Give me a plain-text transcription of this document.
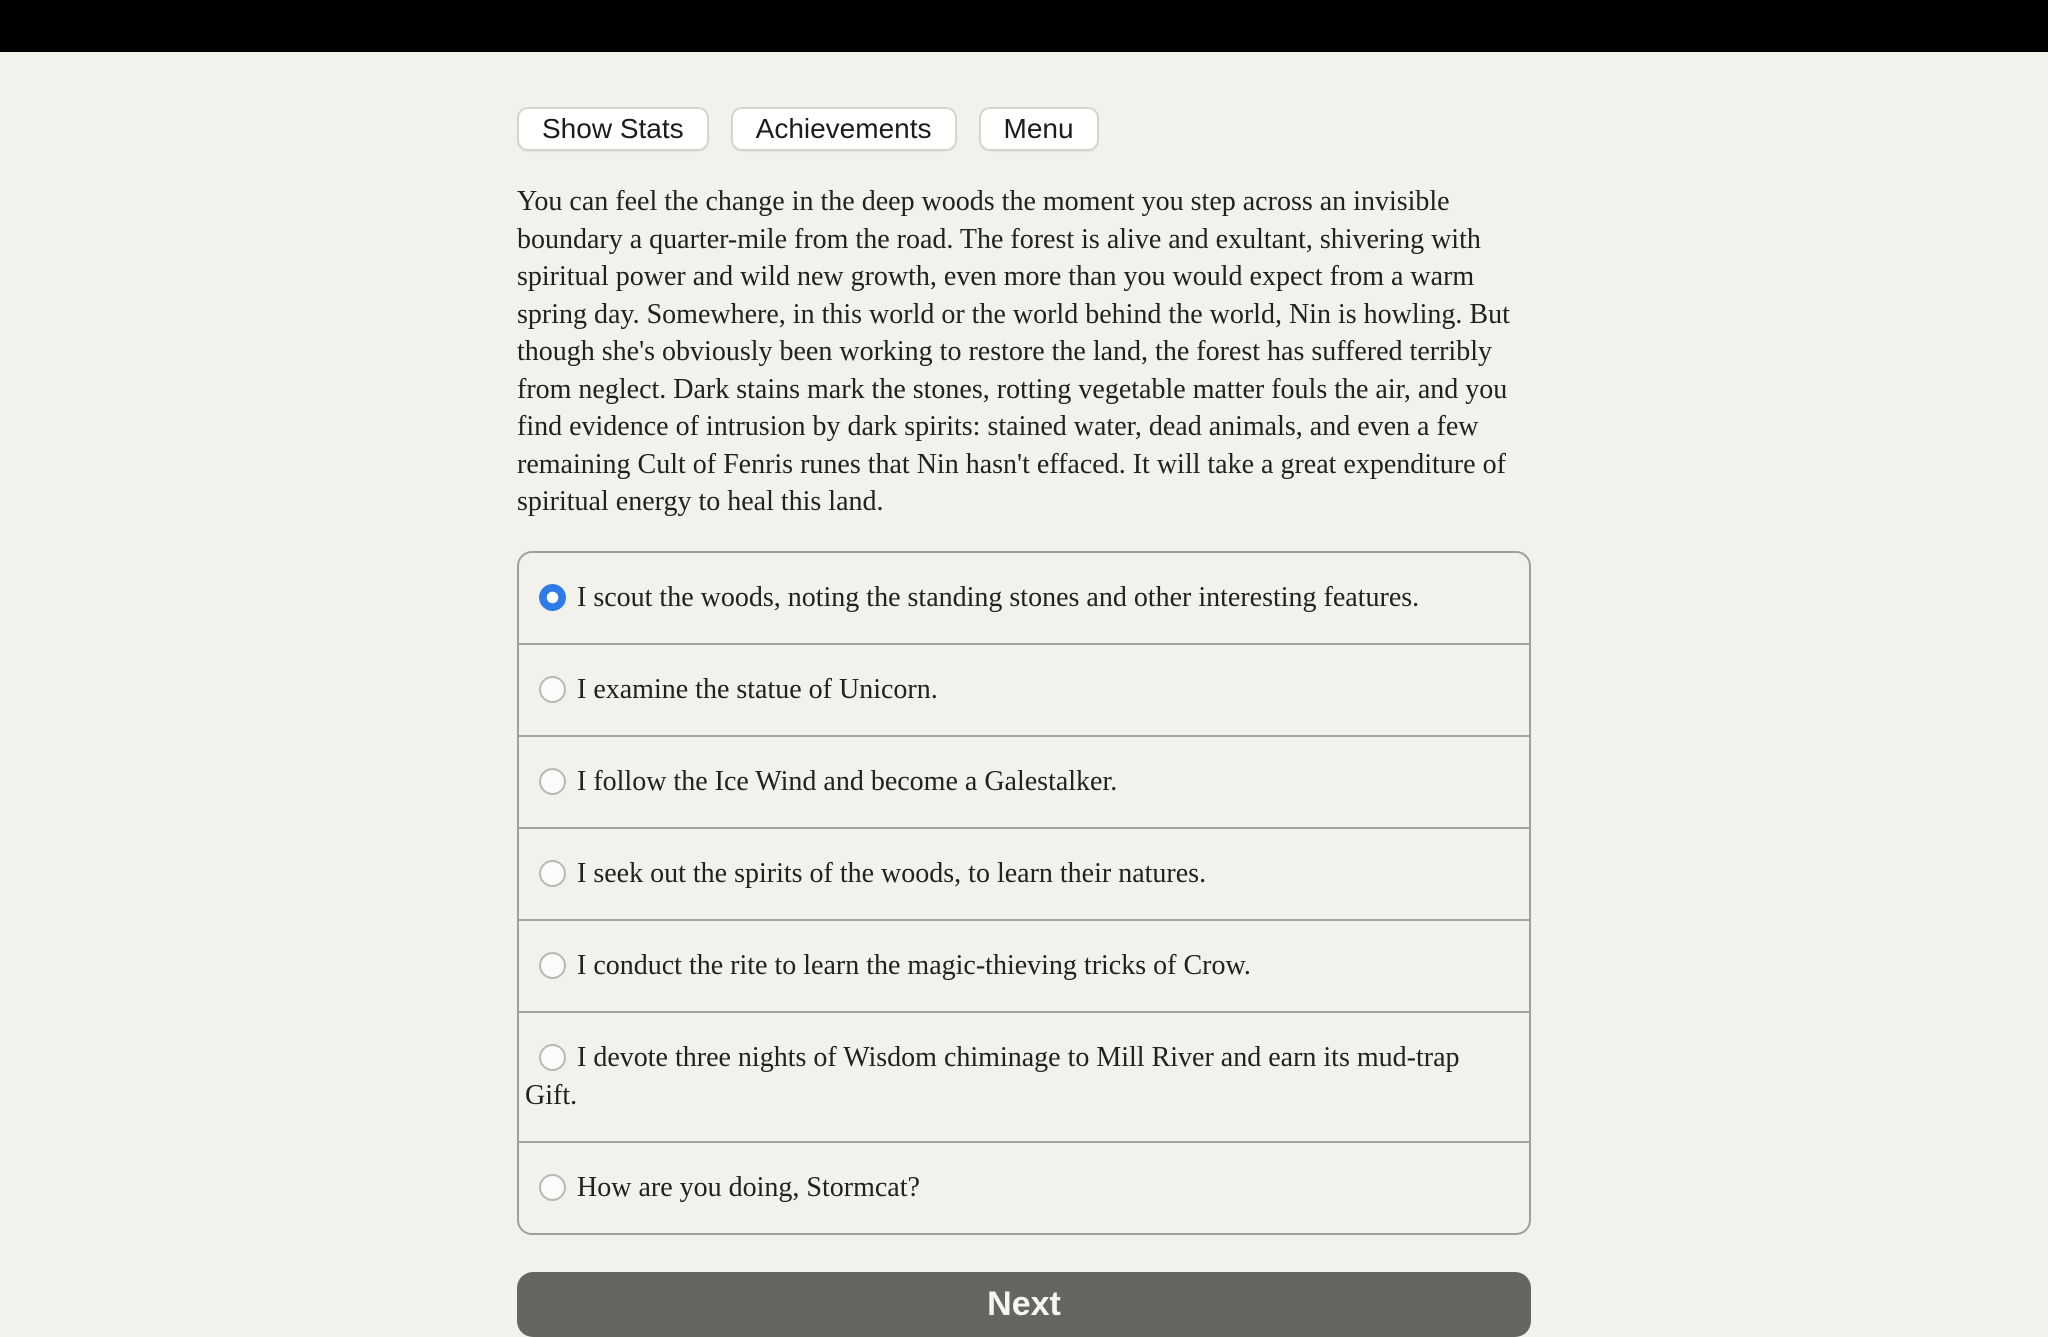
Show Stats	Achievements	Menu

You can feel the change in the deep woods the moment you step across an invisible boundary a quarter-mile from the road. The forest is alive and exultant, shivering with spiritual power and wild new growth, even more than you would expect from a warm spring day. Somewhere, in this world or the world behind the world, Nin is howling. But though she's obviously been working to restore the land, the forest has suffered terribly from neglect. Dark stains mark the stones, rotting vegetable matter fouls the air, and you find evidence of intrusion by dark spirits: stained water, dead animals, and even a few remaining Cult of Fenris runes that Nin hasn't effaced. It will take a great expenditure of spiritual energy to heal this land.

I scout the woods, noting the standing stones and other interesting features.
I examine the statue of Unicorn.
I follow the Ice Wind and become a Galestalker.
I seek out the spirits of the woods, to learn their natures.
I conduct the rite to learn the magic-thieving tricks of Crow.
I devote three nights of Wisdom chiminage to Mill River and earn its mud-trap Gift.
How are you doing, Stormcat?
Next
